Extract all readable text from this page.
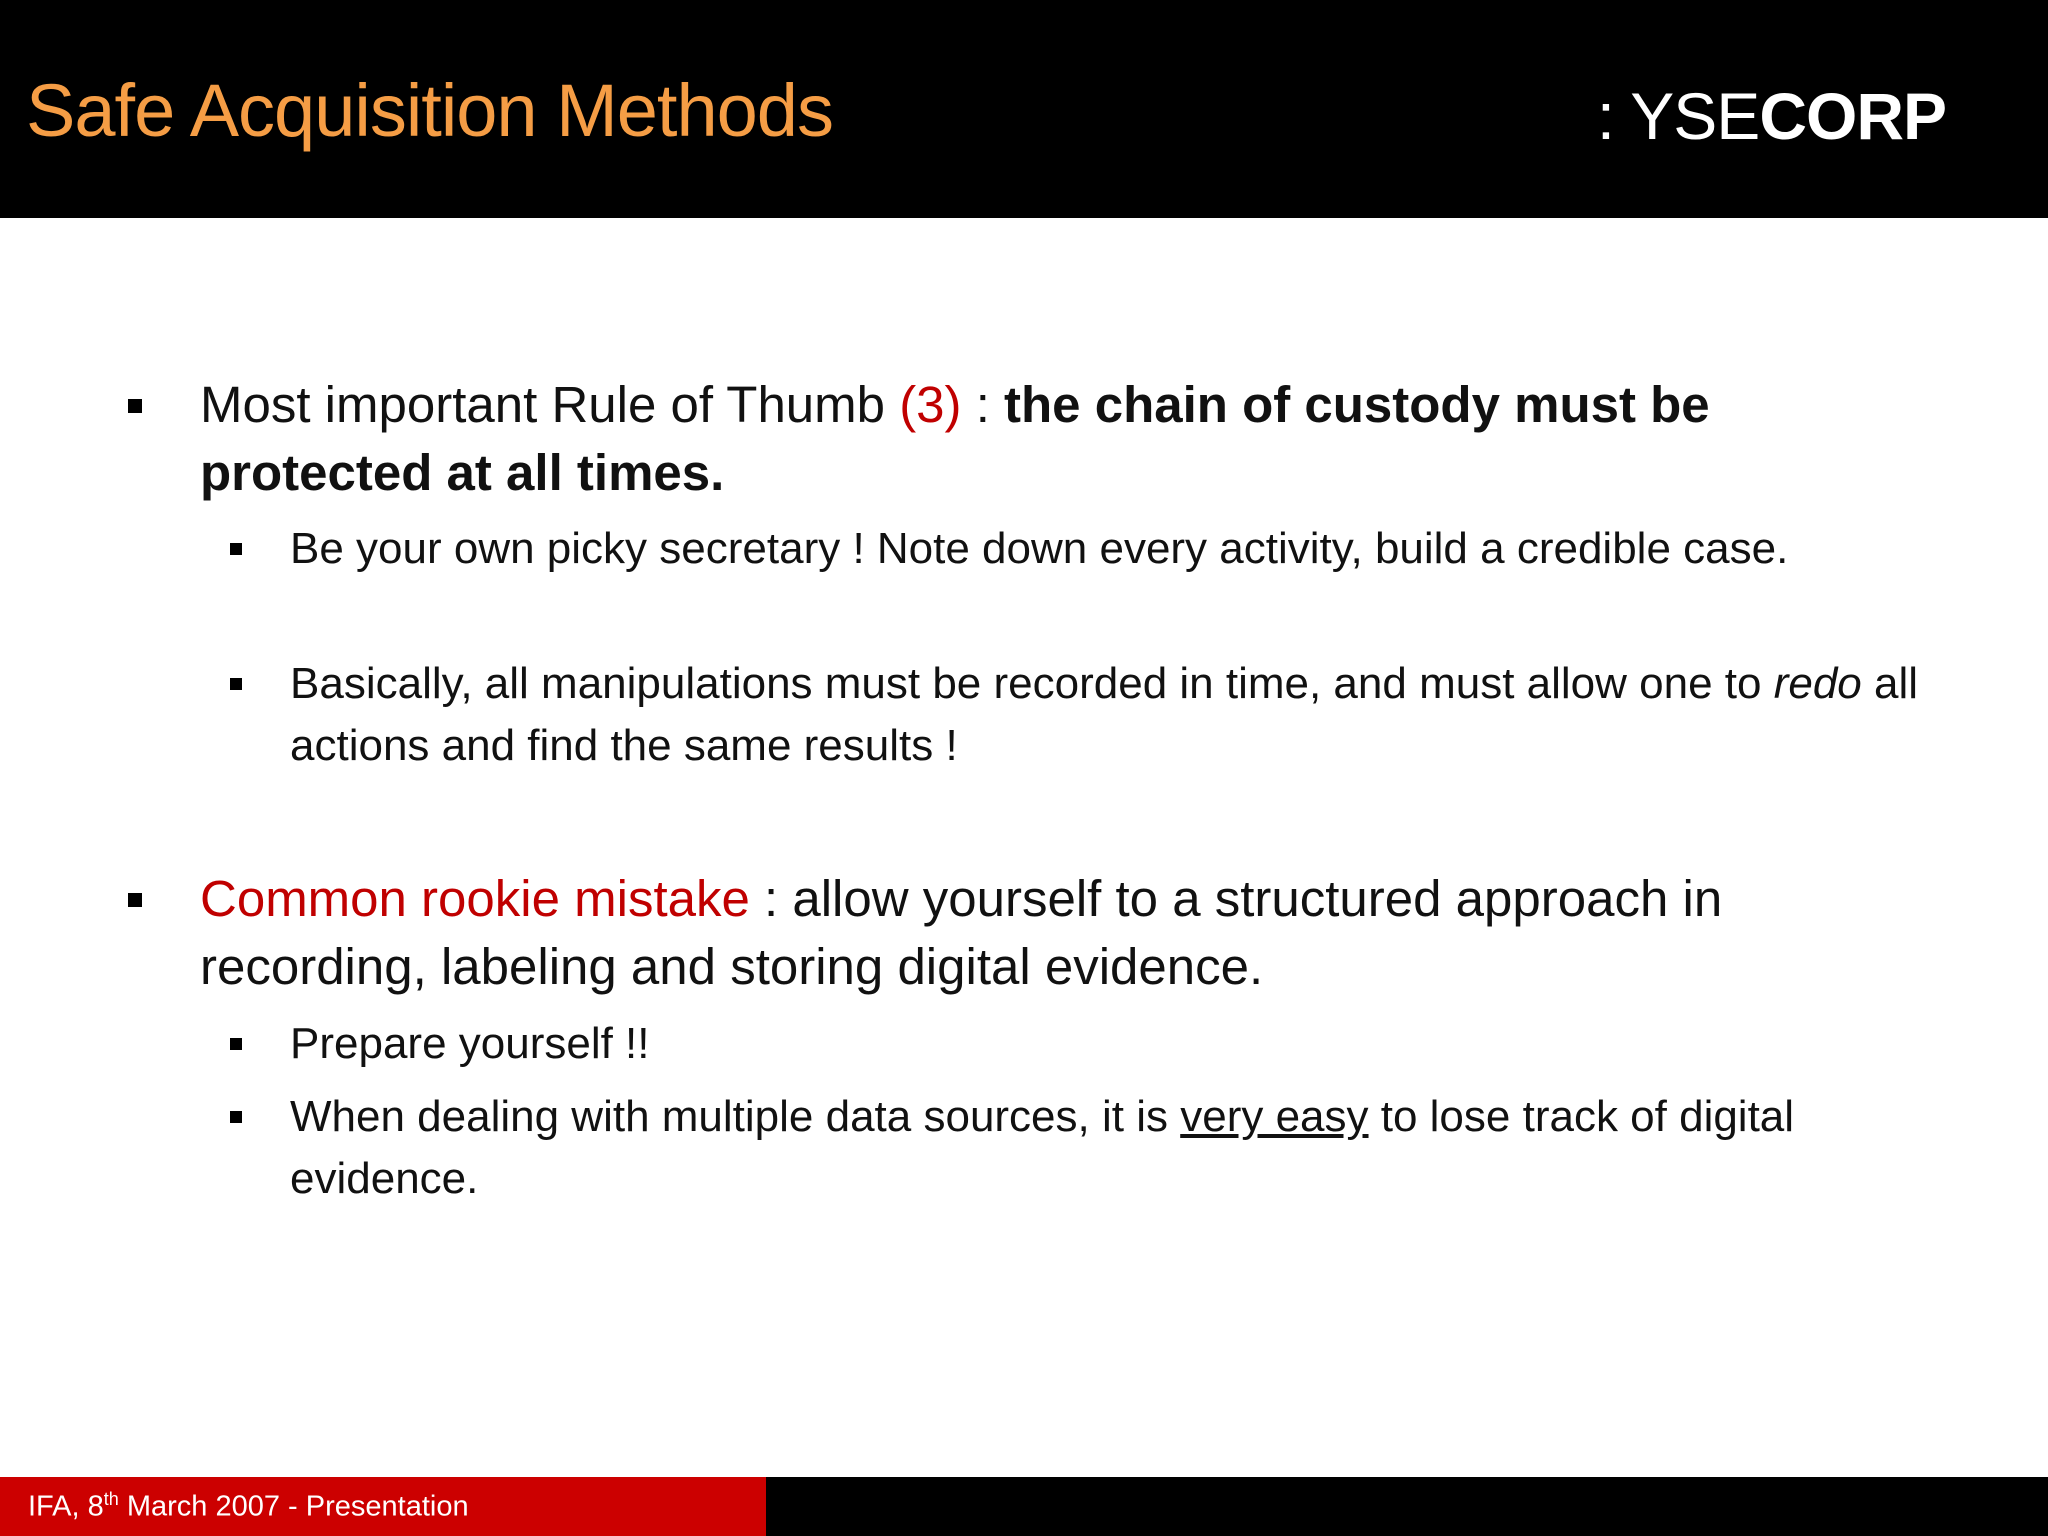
Safe Acquisition Methods	: YSECORP
Most important Rule of Thumb (3) : the chain of custody must be protected at all times.
Be your own picky secretary ! Note down every activity, build a credible case.
Basically, all manipulations must be recorded in time, and must allow one to redo all actions and find the same results !
Common rookie mistake : allow yourself to a structured approach in recording, labeling and storing digital evidence.
Prepare yourself !!
When dealing with multiple data sources, it is very easy to lose track of digital evidence.
IFA, 8th March 2007 - Presentation
